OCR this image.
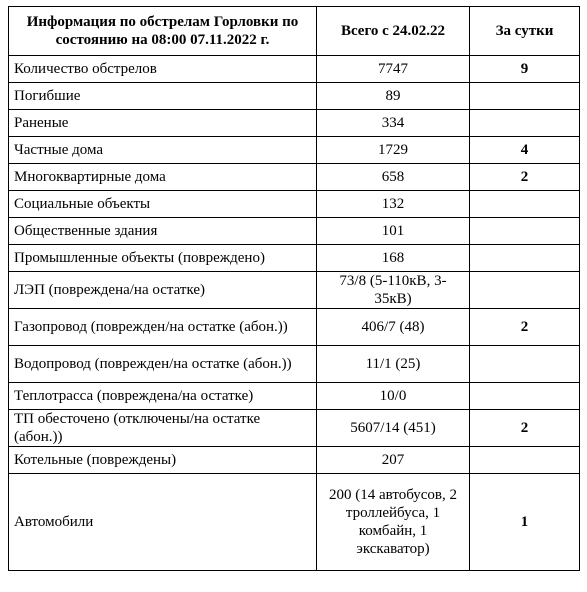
Информация по обстрелам Горловки по состоянию на 08:00 07.11.2022 г.	Всего с 24.02.22	За сутки
Количество обстрелов	7747	9
Погибшие	89	
Раненые	334	
Частные дома	1729	4
Многоквартирные дома	658	2
Социальные объекты	132	
Общественные здания	101	
Промышленные объекты (повреждено)	168	
ЛЭП (повреждена/на остатке)	73/8 (5-110кВ, 3-35кВ)	
Газопровод (поврежден/на остатке (абон.))	406/7 (48)	2
Водопровод (поврежден/на остатке (абон.))	11/1 (25)	
Теплотрасса (повреждена/на остатке)	10/0	
ТП обесточено (отключены/на остатке (абон.))	5607/14 (451)	2
Котельные (повреждены)	207	
Автомобили	200 (14 автобусов, 2 троллейбуса, 1 комбайн, 1 экскаватор)	1
